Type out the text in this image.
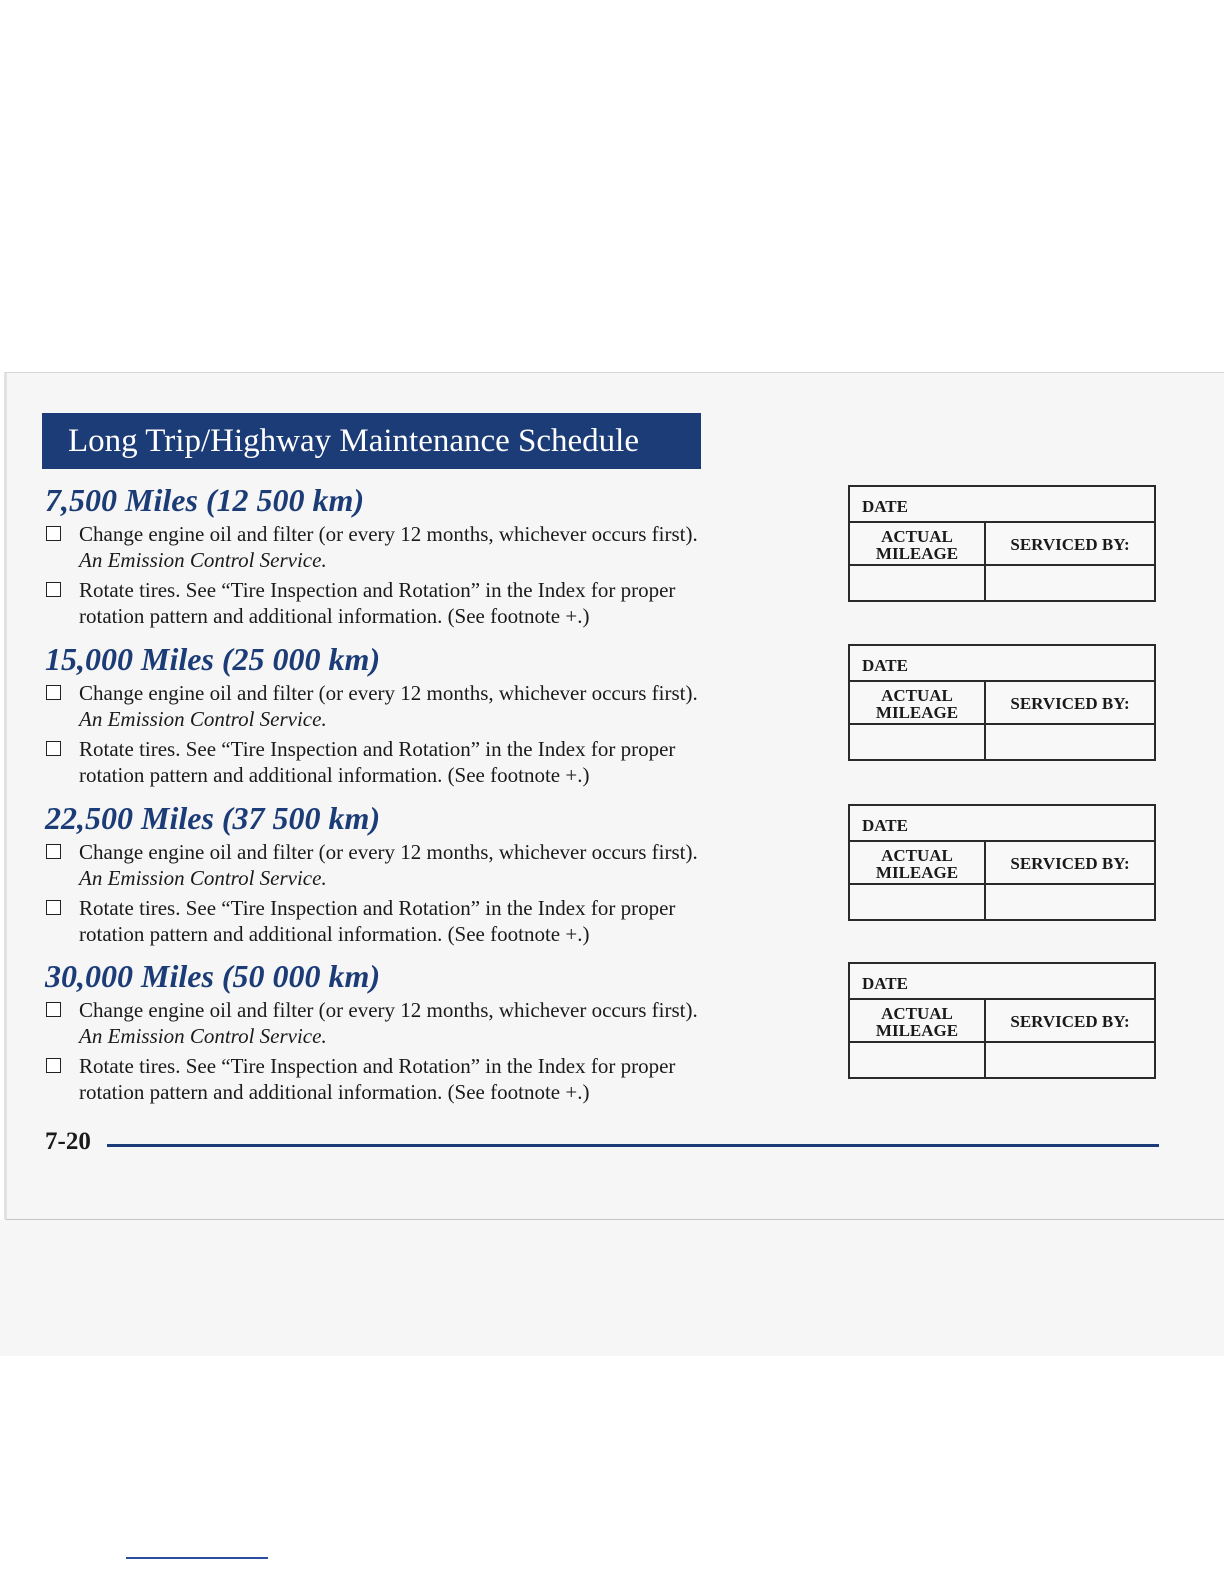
Long Trip/Highway Maintenance Schedule
7,500 Miles (12 500 km)
Change engine oil and filter (or every 12 months, whichever occurs first).
An Emission Control Service.
Rotate tires. See “Tire Inspection and Rotation” in the Index for proper
rotation pattern and additional information. (See footnote +.)
15,000 Miles (25 000 km)
Change engine oil and filter (or every 12 months, whichever occurs first).
An Emission Control Service.
Rotate tires. See “Tire Inspection and Rotation” in the Index for proper
rotation pattern and additional information. (See footnote +.)
22,500 Miles (37 500 km)
Change engine oil and filter (or every 12 months, whichever occurs first).
An Emission Control Service.
Rotate tires. See “Tire Inspection and Rotation” in the Index for proper
rotation pattern and additional information. (See footnote +.)
30,000 Miles (50 000 km)
Change engine oil and filter (or every 12 months, whichever occurs first).
An Emission Control Service.
Rotate tires. See “Tire Inspection and Rotation” in the Index for proper
rotation pattern and additional information. (See footnote +.)
DATE
ACTUAL
MILEAGE	SERVICED BY:
DATE
ACTUAL
MILEAGE	SERVICED BY:
DATE
ACTUAL
MILEAGE	SERVICED BY:
DATE
ACTUAL
MILEAGE	SERVICED BY:
7-20
